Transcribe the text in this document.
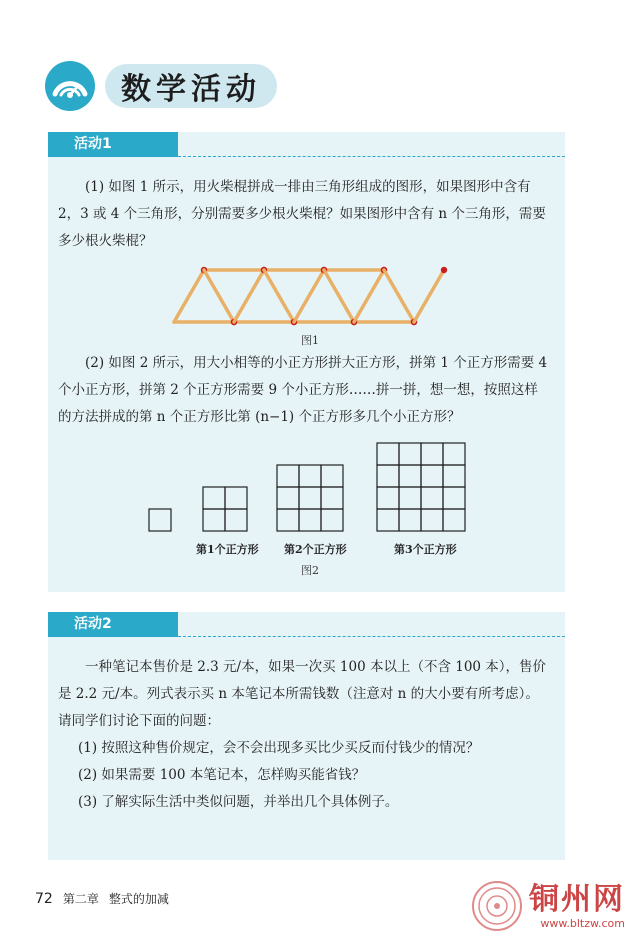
数学活动
活动1

(1) 如图 1 所示，用火柴棍拼成一排由三角形组成的图形，如果图形中含有 2，3 或 4 个三角形，分别需要多少根火柴棍？如果图形中含有 n 个三角形，需要多少根火柴棍？

图1

(2) 如图 2 所示，用大小相等的小正方形拼大正方形，拼第 1 个正方形需要 4 个小正方形，拼第 2 个正方形需要 9 个小正方形……拼一拼，想一想，按照这样的方法拼成的第 n 个正方形比第 (n−1) 个正方形多几个小正方形？

第1个正方形 第2个正方形	第3个正方形
图2
活动2

一种笔记本售价是 2.3 元/本，如果一次买 100 本以上（不含 100 本），售价是 2.2 元/本。列式表示买 n 本笔记本所需钱数（注意对 n 的大小要有所考虑）。请同学们讨论下面的问题：

(1) 按照这种售价规定，会不会出现多买比少买反而付钱少的情况？
(2) 如果需要 100 本笔记本，怎样购买能省钱？
(3) 了解实际生活中类似问题，并举出几个具体例子。
72 第二章 整式的加减	铜州网
www.bltzw.com
